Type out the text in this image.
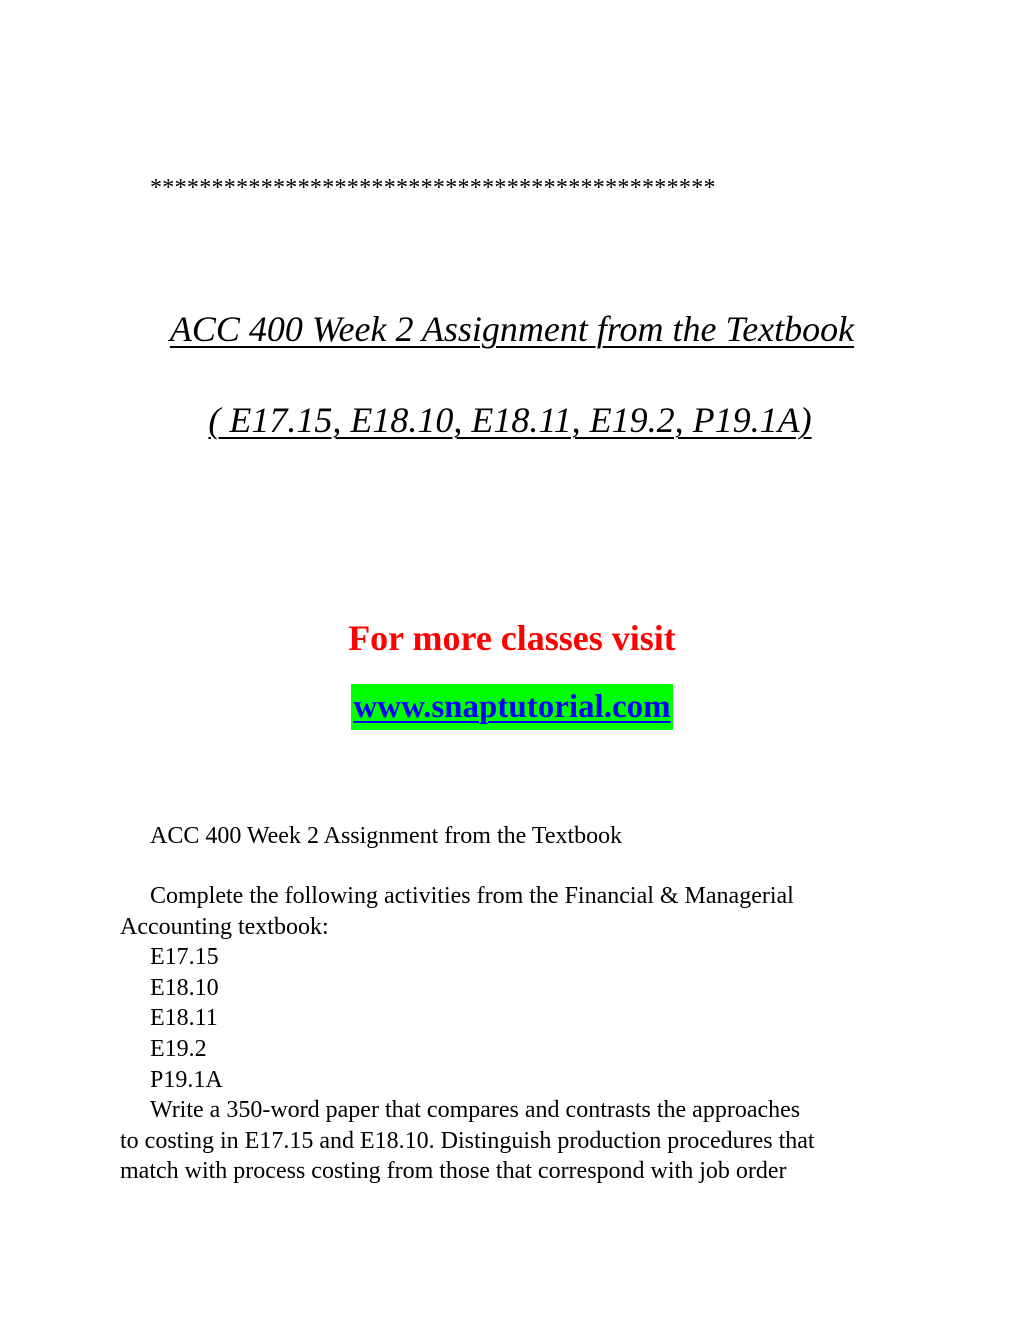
**********************************************
ACC 400 Week 2 Assignment from the Textbook
( E17.15, E18.10, E18.11, E19.2, P19.1A)
For more classes visit
www.snaptutorial.com
ACC 400 Week 2 Assignment from the Textbook
Complete the following activities from the Financial & Managerial
Accounting textbook:
E17.15
E18.10
E18.11
E19.2
P19.1A
Write a 350-word paper that compares and contrasts the approaches
to costing in E17.15 and E18.10. Distinguish production procedures that
match with process costing from those that correspond with job order
